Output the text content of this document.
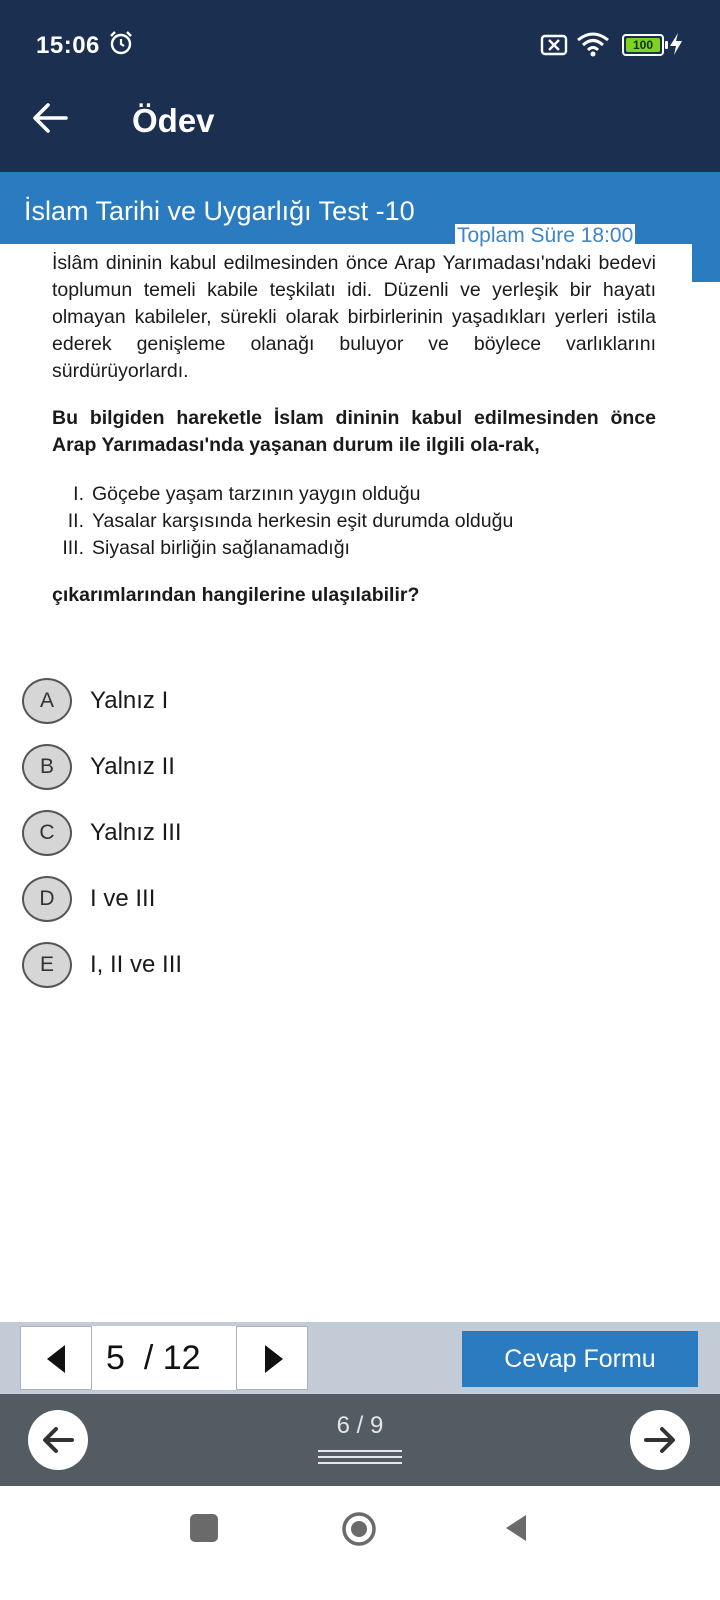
15:06	100
Ödev
İslam Tarihi ve Uygarlığı Test -10
Toplam Süre 18:00

İslâm dininin kabul edilmesinden önce Arap Yarımadası'ndaki bedevi toplumun temeli kabile teşkilatı idi. Düzenli ve yerleşik bir hayatı olmayan kabileler, sürekli olarak birbirlerinin yaşadıkları yerleri istila ederek genişleme olanağı buluyor ve böylece varlıklarını sürdürüyorlardı.

Bu bilgiden hareketle İslam dininin kabul edilmesinden önce Arap Yarımadası'nda yaşanan durum ile ilgili ola-rak,

I. Göçebe yaşam tarzının yaygın olduğu
II. Yasalar karşısında herkesin eşit durumda olduğu
III. Siyasal birliğin sağlanamadığı

çıkarımlarından hangilerine ulaşılabilir?

A	Yalnız I
B	Yalnız II
C	Yalnız III
D	I ve III
E	I, II ve III
5 / 12	Cevap Formu
6 / 9
